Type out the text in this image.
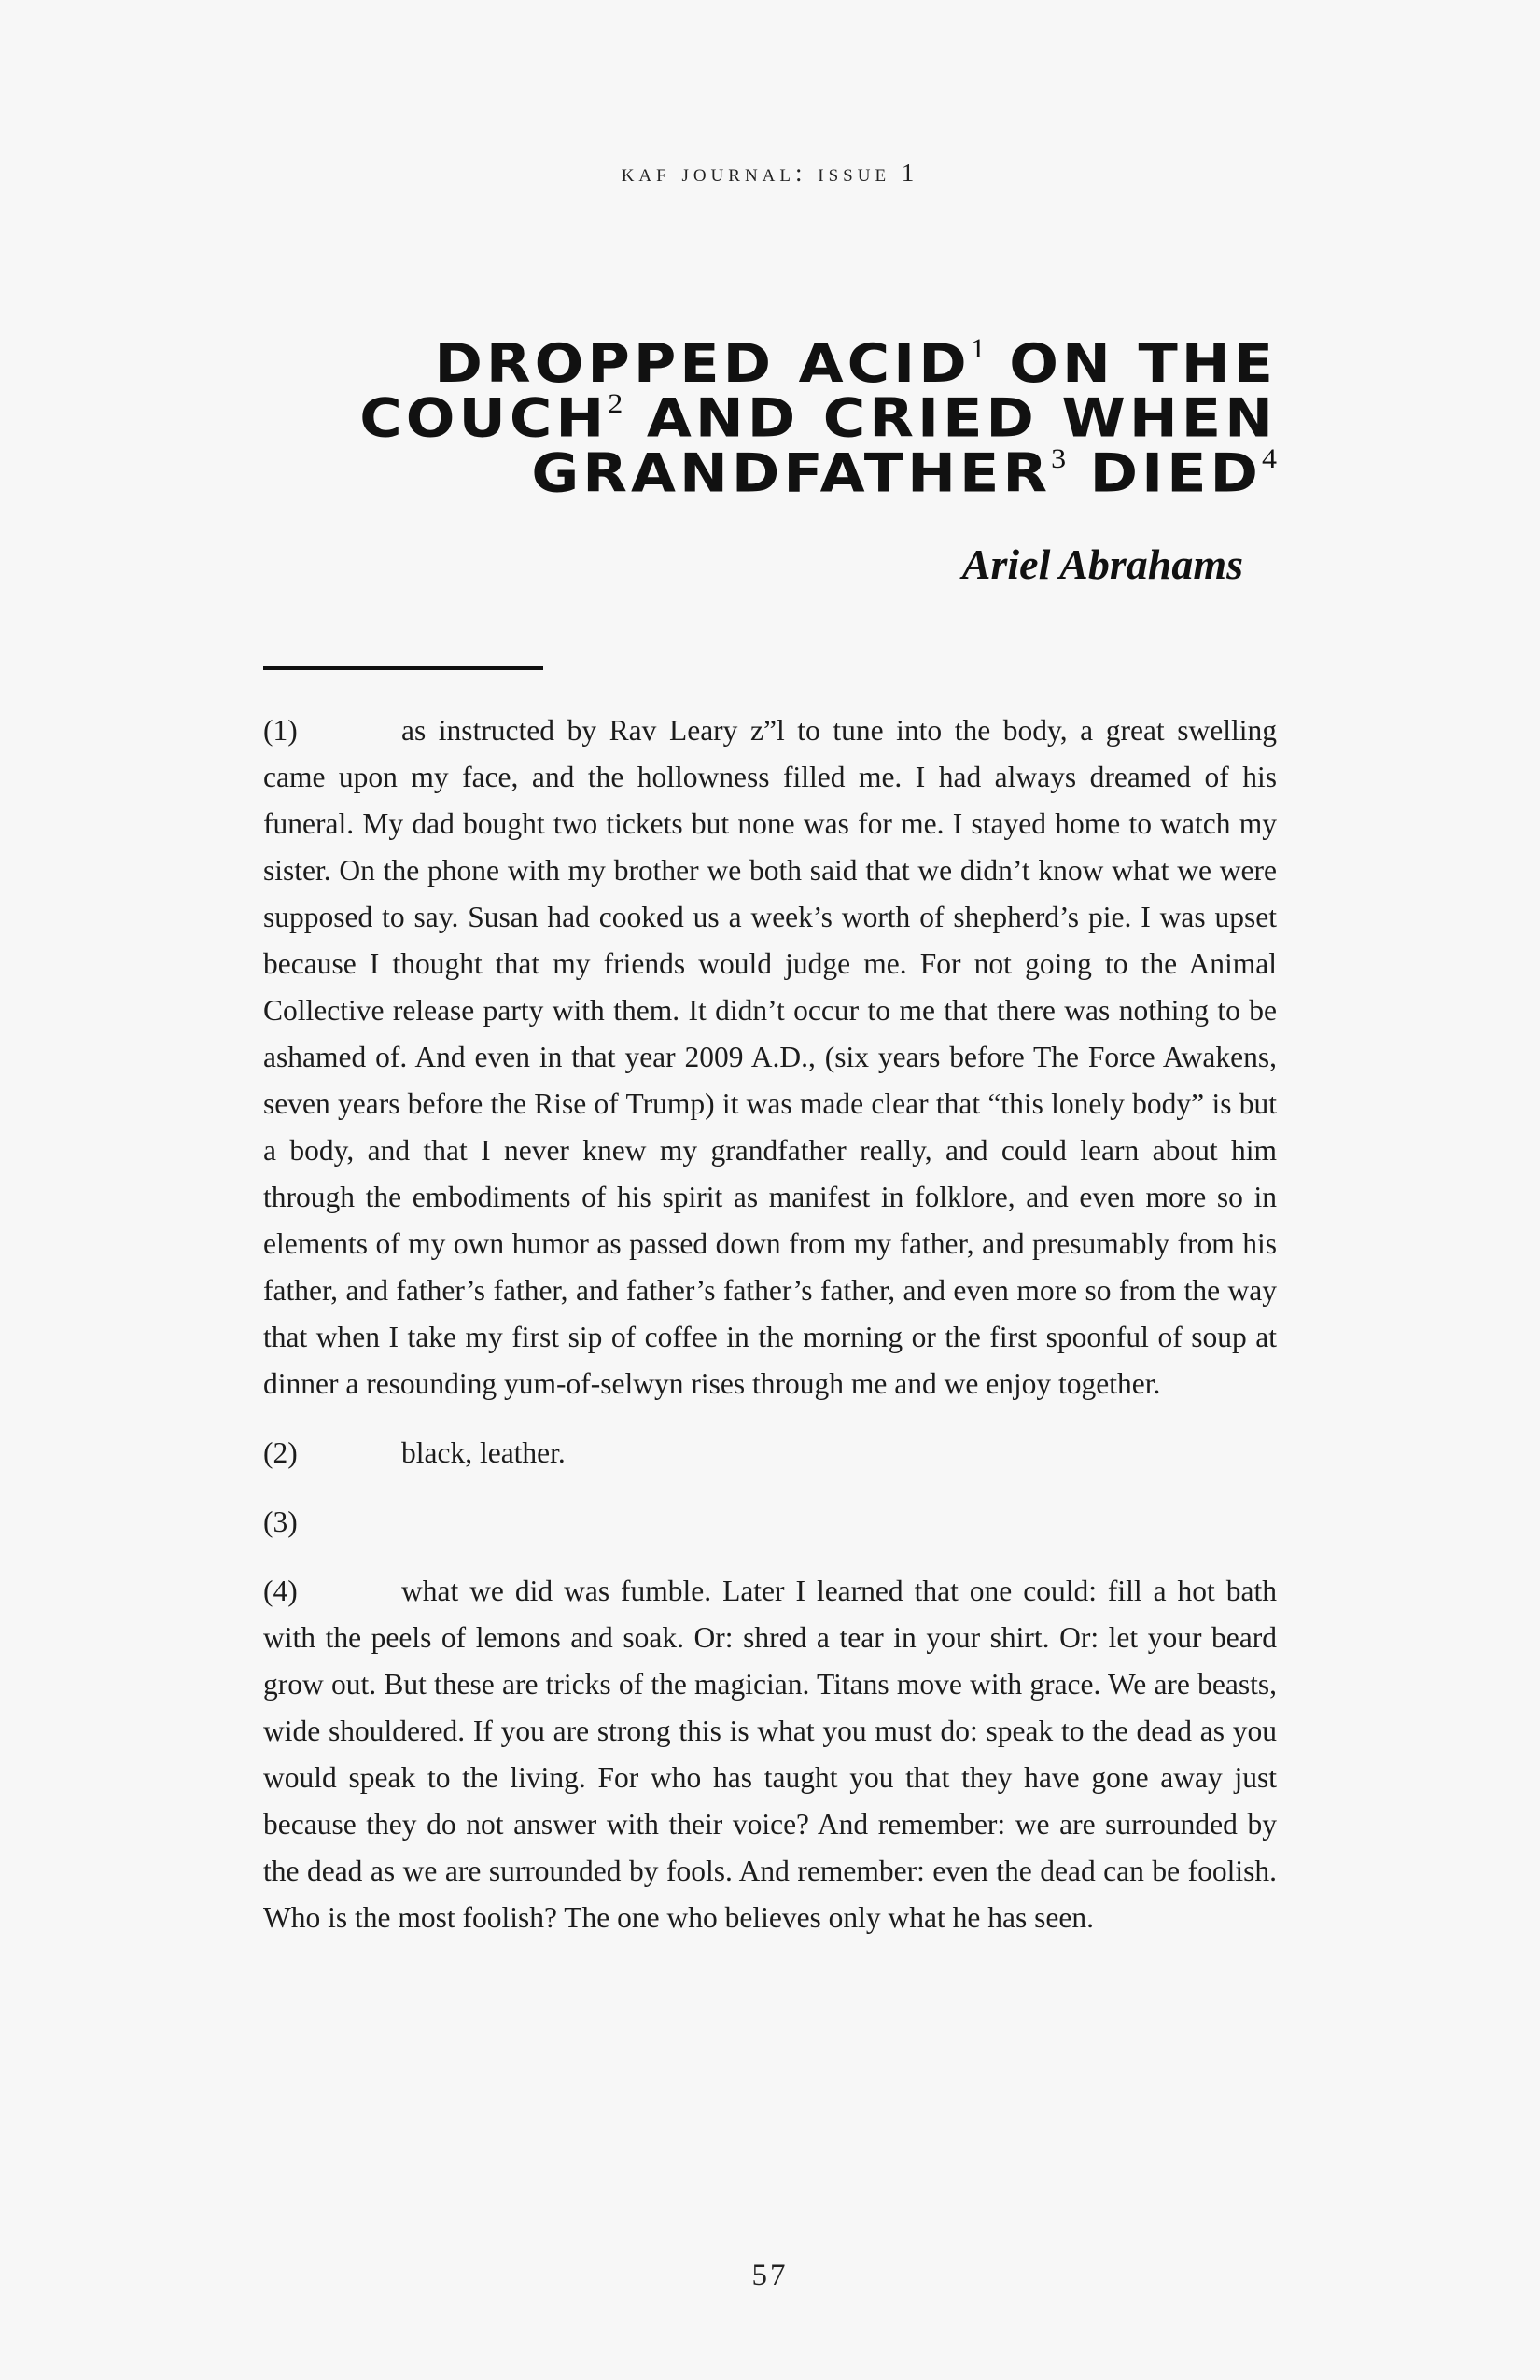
kaf journal: issue 1
DROPPED ACID$^1$ ON THE
COUCH$^2$ AND CRIED WHEN
GRANDFATHER$^3$ DIED$^4$
Ariel Abrahams

(1)	as instructed by Rav Leary z”l to tune into the body, a great swelling came upon my face, and the hollowness filled me. I had always dreamed of his funeral. My dad bought two tickets but none was for me. I stayed home to watch my sister. On the phone with my brother we both said that we didn’t know what we were supposed to say. Susan had cooked us a week’s worth of shepherd’s pie. I was upset because I thought that my friends would judge me. For not going to the Animal Collective release party with them. It didn’t occur to me that there was nothing to be ashamed of. And even in that year 2009 A.D., (six years before The Force Awakens, seven years before the Rise of Trump) it was made clear that “this lonely body” is but a body, and that I never knew my grandfather really, and could learn about him through the embodiments of his spirit as manifest in folklore, and even more so in elements of my own humor as passed down from my father, and presumably from his father, and father’s father, and father’s father’s father, and even more so from the way that when I take my first sip of coffee in the morning or the first spoonful of soup at dinner a resounding yum-of-selwyn rises through me and we enjoy together.

(2)	black, leather.

(3)

(4)	what we did was fumble. Later I learned that one could: fill a hot bath with the peels of lemons and soak. Or: shred a tear in your shirt. Or: let your beard grow out. But these are tricks of the magician. Titans move with grace. We are beasts, wide shouldered. If you are strong this is what you must do: speak to the dead as you would speak to the living. For who has taught you that they have gone away just because they do not answer with their voice? And remember: we are surrounded by the dead as we are surrounded by fools. And remember: even the dead can be foolish. Who is the most foolish? The one who believes only what he has seen.

57
